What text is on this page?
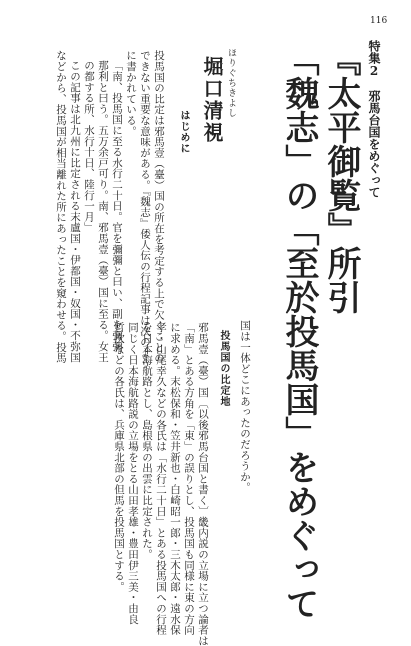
116
特集2　邪馬台国をめぐって
『太平御覧』所引
「魏志」の「至於投馬国」をめぐって
ほりぐちきよし
堀口清視
はじめに
投馬国の比定は邪馬壹（臺）国の所在を考定する上で欠くことの
できない重要な意味がある。『魏志』倭人伝の行程記事は次のよう
に書かれている。
「南、投馬国に至る水行二十日。官を彌彌と曰い、副を彌彌
那利と曰う。五万余戸可り。南、邪馬壹（臺）国に至る。女王
の都する所、水行十日、陸行一月」
この記事は北九州に比定される末盧国・伊都国・奴国・不弥国
などから、投馬国が相当離れた所にあったことを窺わせる。投馬
国は一体どこにあったのだろうか。
投馬国の比定地
邪馬壹（臺）国〔以後邪馬台国と書く〕畿内説の立場に立つ論者は
「南」とある方角を「東」の誤りとし、投馬国も同様に東の方向
に求める。末松保和・笠井新也・白崎昭一郎・三木太郎・遠水保
孝・山尾幸久などの各氏は「水行二十日」とある投馬国への行程
を日本海航路とし、島根県の出雲に比定された。
同じく日本海航路説の立場をとる山田孝雄・豊田伊三美・由良
哲次などの各氏は、兵庫県北部の但馬を投馬国とする。
